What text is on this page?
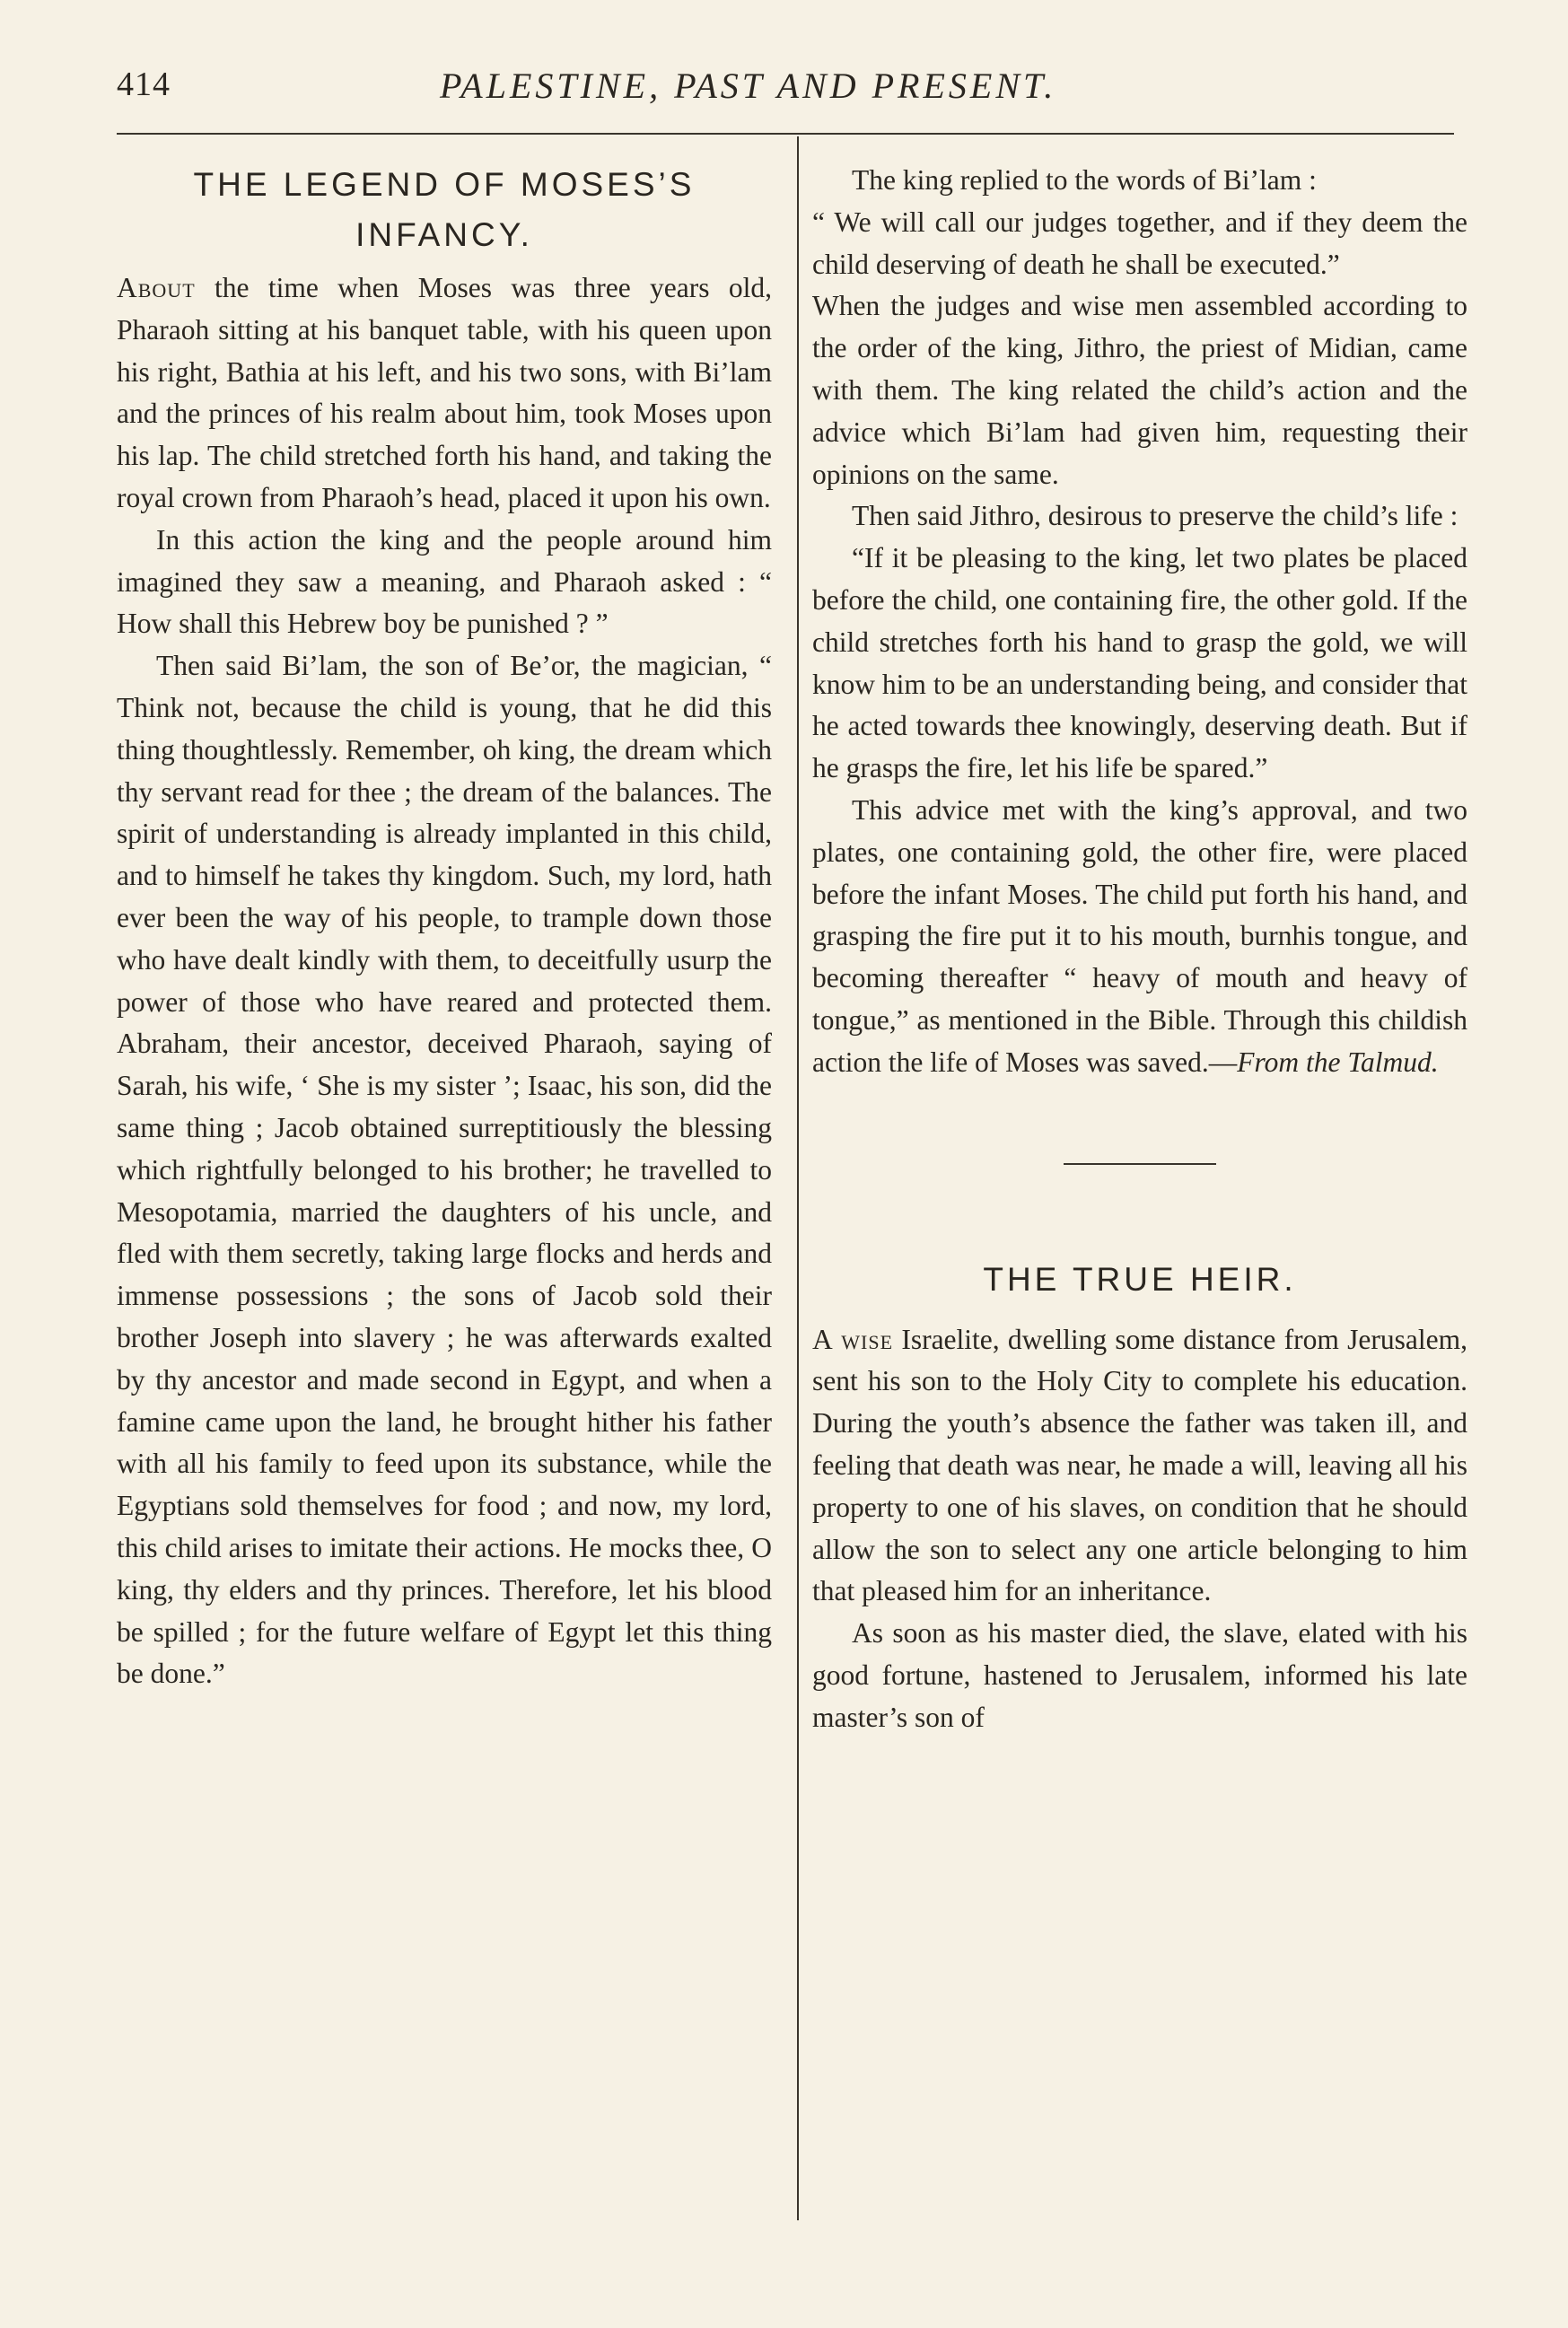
414	PALESTINE, PAST AND PRESENT.
THE LEGEND OF MOSES’S INFANCY.

About the time when Moses was three years old, Pharaoh sitting at his banquet table, with his queen upon his right, Bathia at his left, and his two sons, with Bi’lam and the princes of his realm about him, took Moses upon his lap. The child stretched forth his hand, and taking the royal crown from Pharaoh’s head, placed it upon his own.

In this action the king and the people around him imagined they saw a meaning, and Pharaoh asked : “ How shall this Hebrew boy be punished ? ”

Then said Bi’lam, the son of Be’or, the magician, “ Think not, because the child is young, that he did this thing thoughtlessly. Remember, oh king, the dream which thy servant read for thee ; the dream of the balances. The spirit of understanding is already implanted in this child, and to himself he takes thy kingdom. Such, my lord, hath ever been the way of his people, to trample down those who have dealt kindly with them, to deceitfully usurp the power of those who have reared and protected them. Abraham, their ancestor, deceived Pharaoh, saying of Sarah, his wife, ‘ She is my sister ’; Isaac, his son, did the same thing ; Jacob obtained surreptitiously the blessing which rightfully belonged to his brother; he travelled to Mesopotamia, married the daughters of his uncle, and fled with them secretly, taking large flocks and herds and immense possessions ; the sons of Jacob sold their brother Joseph into slavery ; he was afterwards exalted by thy ancestor and made second in Egypt, and when a famine came upon the land, he brought hither his father with all his family to feed upon its substance, while the Egyptians sold themselves for food ; and now, my lord, this child arises to imitate their actions. He mocks thee, O king, thy elders and thy princes. Therefore, let his blood be spilled ; for the future welfare of Egypt let this thing be done.”

The king replied to the words of Bi’lam :

“ We will call our judges together, and if they deem the child deserving of death he shall be executed.”

When the judges and wise men assembled according to the order of the king, Jithro, the priest of Midian, came with them. The king related the child’s action and the advice which Bi’lam had given him, requesting their opinions on the same.

Then said Jithro, desirous to preserve the child’s life :

“If it be pleasing to the king, let two plates be placed before the child, one containing fire, the other gold. If the child stretches forth his hand to grasp the gold, we will know him to be an understanding being, and consider that he acted towards thee knowingly, deserving death. But if he grasps the fire, let his life be spared.”

This advice met with the king’s approval, and two plates, one containing gold, the other fire, were placed before the infant Moses. The child put forth his hand, and grasping the fire put it to his mouth, burnhis tongue, and becoming thereafter “ heavy of mouth and heavy of tongue,” as mentioned in the Bible. Through this childish action the life of Moses was saved.—From the Talmud.

THE TRUE HEIR.

A wise Israelite, dwelling some distance from Jerusalem, sent his son to the Holy City to complete his education. During the youth’s absence the father was taken ill, and feeling that death was near, he made a will, leaving all his property to one of his slaves, on condition that he should allow the son to select any one article belonging to him that pleased him for an inheritance.

As soon as his master died, the slave, elated with his good fortune, hastened to Jerusalem, informed his late master’s son of
